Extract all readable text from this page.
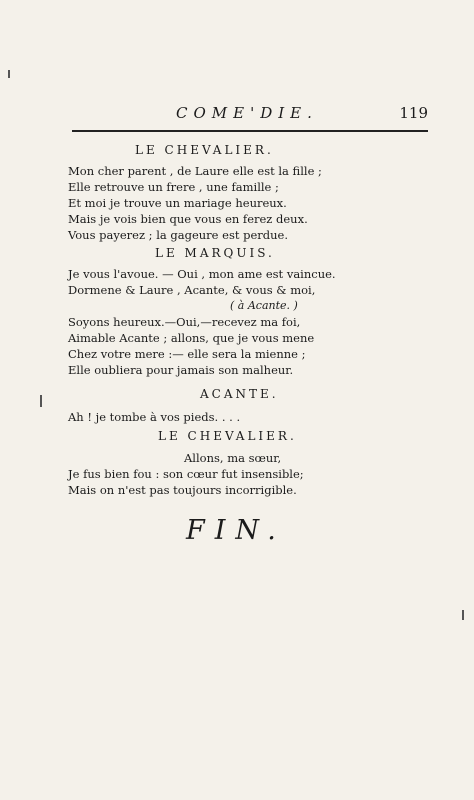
COME'DIE.	119
LE CHEVALIER.
Mon cher parent , de Laure elle est la fille ;
Elle retrouve un frere , une famille ;
Et moi je trouve un mariage heureux.
Mais je vois bien que vous en ferez deux.
Vous payerez ; la gageure est perdue.
LE MARQUIS.
Je vous l'avoue. — Oui , mon ame est vaincue.
Dormene & Laure , Acante, & vous & moi,
( à Acante. )
Soyons heureux.—Oui,—recevez ma foi,
Aimable Acante ; allons, que je vous mene
Chez votre mere :— elle sera la mienne ;
Elle oubliera pour jamais son malheur.
ACANTE.
Ah ! je tombe à vos pieds. . . .
LE CHEVALIER.
Allons, ma sœur,
Je fus bien fou : son cœur fut insensible;
Mais on n'est pas toujours incorrigible.
FIN.
